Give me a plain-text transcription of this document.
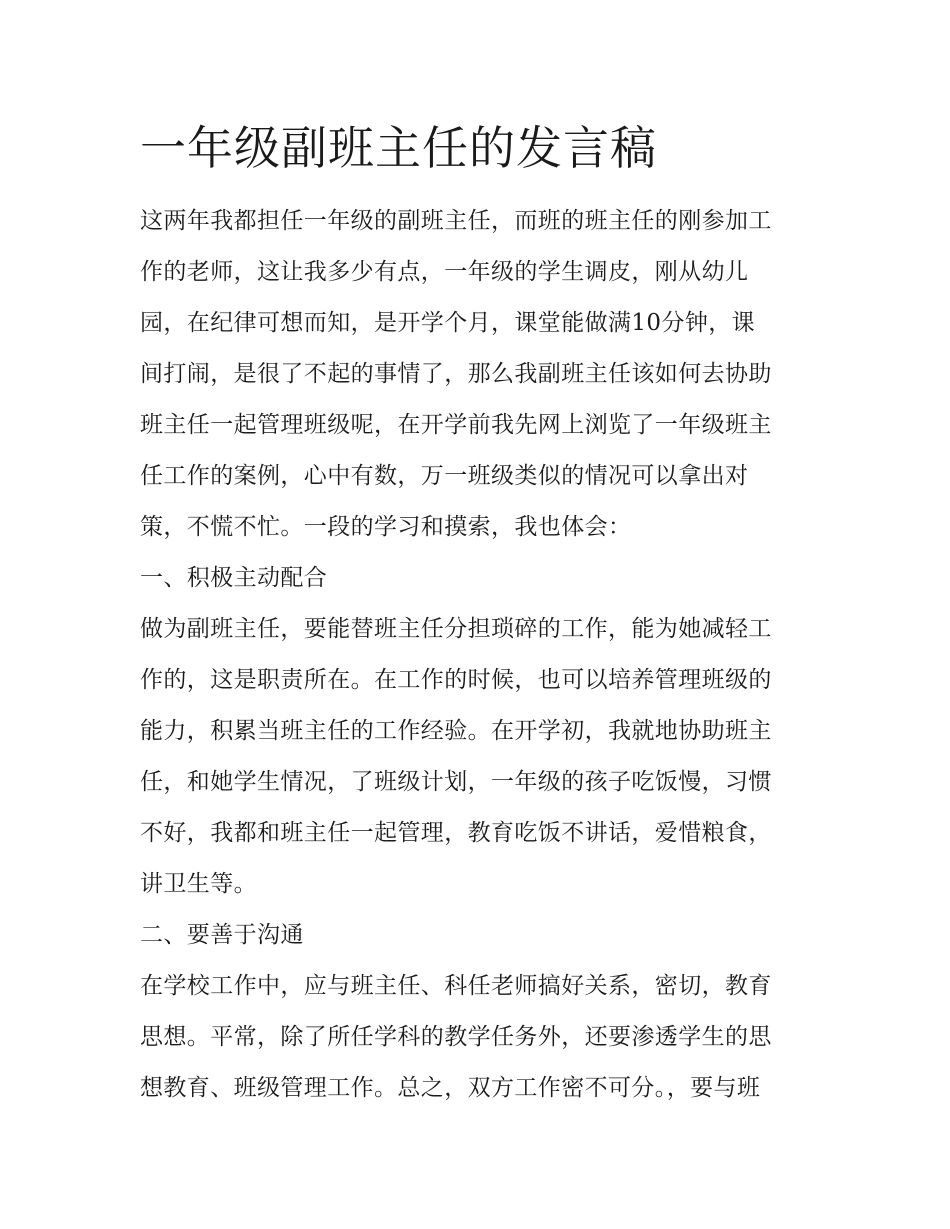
一年级副班主任的发言稿
这两年我都担任一年级的副班主任，而班的班主任的刚参加工
作的老师，这让我多少有点，一年级的学生调皮，刚从幼儿
园，在纪律可想而知，是开学个月，课堂能做满10分钟，课
间打闹，是很了不起的事情了，那么我副班主任该如何去协助
班主任一起管理班级呢，在开学前我先网上浏览了一年级班主
任工作的案例，心中有数，万一班级类似的情况可以拿出对
策，不慌不忙。一段的学习和摸索，我也体会：
一、积极主动配合
做为副班主任，要能替班主任分担琐碎的工作，能为她减轻工
作的，这是职责所在。在工作的时候，也可以培养管理班级的
能力，积累当班主任的工作经验。在开学初，我就地协助班主
任，和她学生情况，了班级计划，一年级的孩子吃饭慢，习惯
不好，我都和班主任一起管理，教育吃饭不讲话，爱惜粮食，
讲卫生等。
二、要善于沟通
在学校工作中，应与班主任、科任老师搞好关系，密切，教育
思想。平常，除了所任学科的教学任务外，还要渗透学生的思
想教育、班级管理工作。总之，双方工作密不可分。，要与班
